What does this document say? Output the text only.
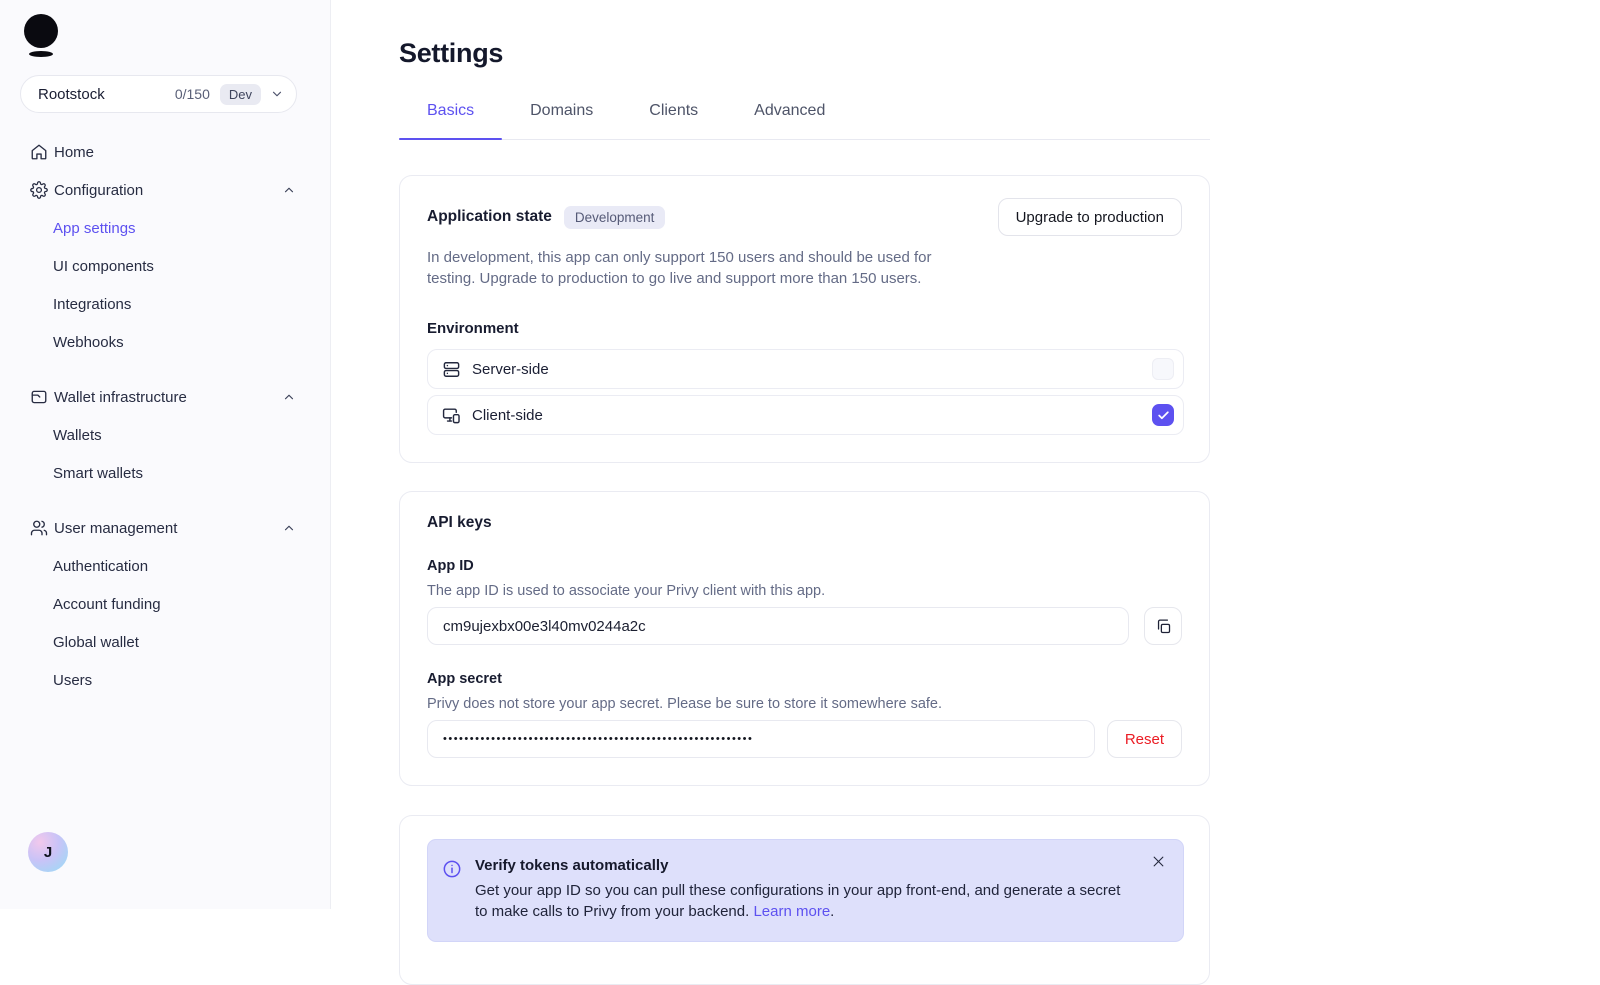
Rootstock	0/150	Dev
Home
Configuration
App settings
UI components
Integrations
Webhooks
Wallet infrastructure
Wallets
Smart wallets
User management
Authentication
Account funding
Global wallet
Users
J
Settings
Basics	Domains	Clients	Advanced
Application state	Development	Upgrade to production

In development, this app can only support 150 users and should be used for testing. Upgrade to production to go live and support more than 150 users.

Environment
Server-side
Client-side
API keys
App ID
The app ID is used to associate your Privy client with this app.
cm9ujexbx00e3l40mv0244a2c
App secret
Privy does not store your app secret. Please be sure to store it somewhere safe.
••••••••••••••••••••••••••••••••••••••••••••••••••••••••••
Reset
Verify tokens automatically
Get your app ID so you can pull these configurations in your app front-end, and generate a secret to make calls to Privy from your backend. Learn more.
